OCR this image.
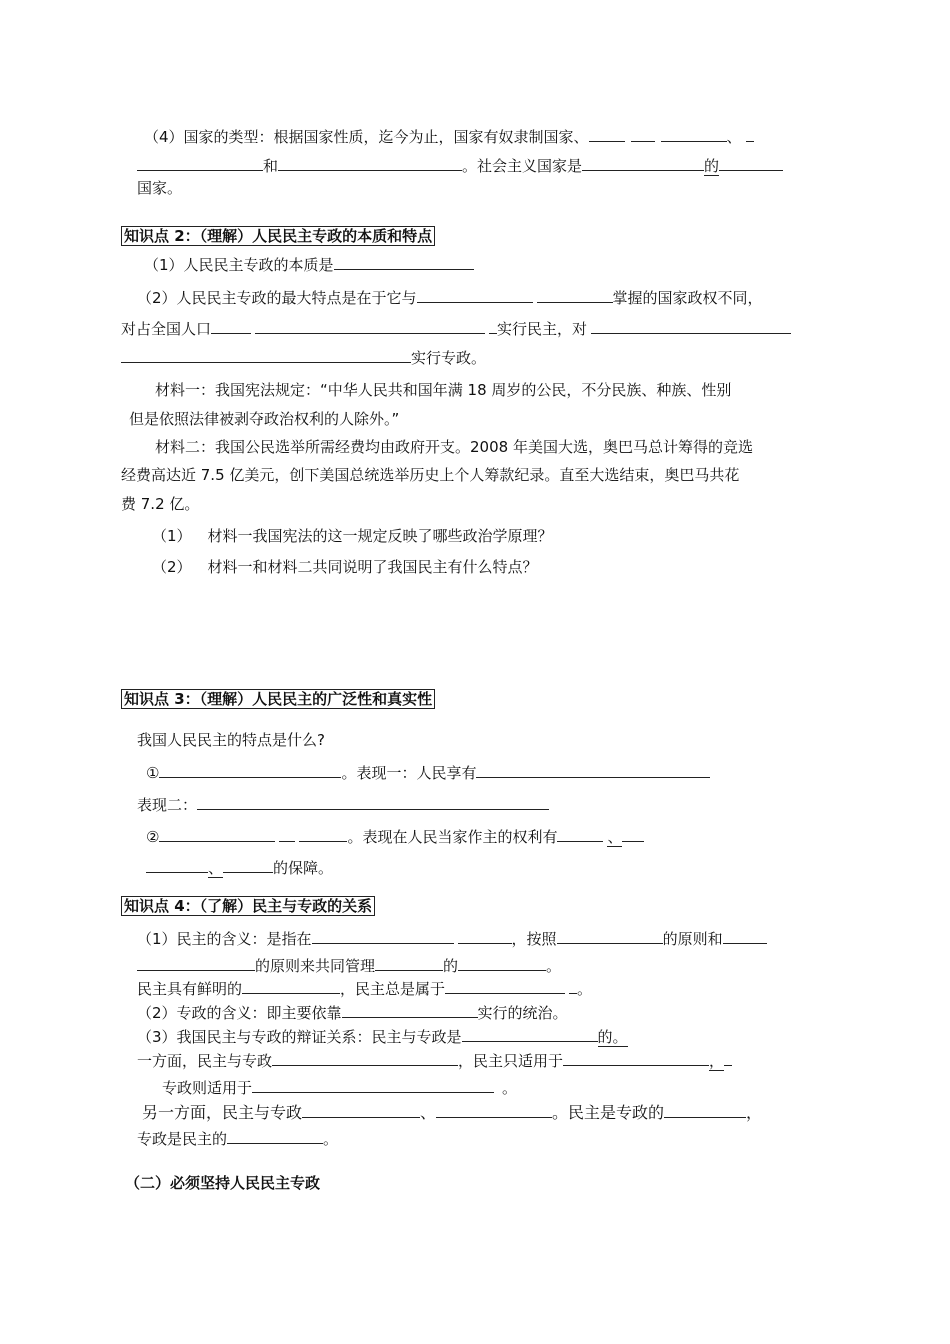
（4）国家的类型：根据国家性质，迄今为止，国家有奴隶制国家、	、
和	。社会主义国家是	的
国家。
知识点 2：（理解）人民民主专政的本质和特点
（1）人民民主专政的本质是
（2）人民民主专政的最大特点是在于它与	掌握的国家政权不同，
对占全国人口	实行民主，对
实行专政。
材料一：我国宪法规定：“中华人民共和国年满 18 周岁的公民，不分民族、种族、性别
但是依照法律被剥夺政治权利的人除外。”
材料二：我国公民选举所需经费均由政府开支。2008 年美国大选，奥巴马总计筹得的竞选
经费高达近 7.5 亿美元，创下美国总统选举历史上个人筹款纪录。直至大选结束，奥巴马共花
费 7.2 亿。
（1） 材料一我国宪法的这一规定反映了哪些政治学原理？
（2） 材料一和材料二共同说明了我国民主有什么特点？
知识点 3：（理解）人民民主的广泛性和真实性
我国人民民主的特点是什么?
①	。表现一：人民享有
表现二：
②	。表现在人民当家作主的权利有	、
、	的保障。
知识点 4：（了解）民主与专政的关系
（1）民主的含义：是指在	，按照	的原则和
的原则来共同管理	的	。
民主具有鲜明的	，民主总是属于	。
（2）专政的含义：即主要依靠	实行的统治。
（3）我国民主与专政的辩证关系：民主与专政是	的。
一方面，民主与专政	，民主只适用于	，
专政则适用于	。
另一方面，民主与专政	、	。民主是专政的	，
专政是民主的	。
（二）必须坚持人民民主专政
